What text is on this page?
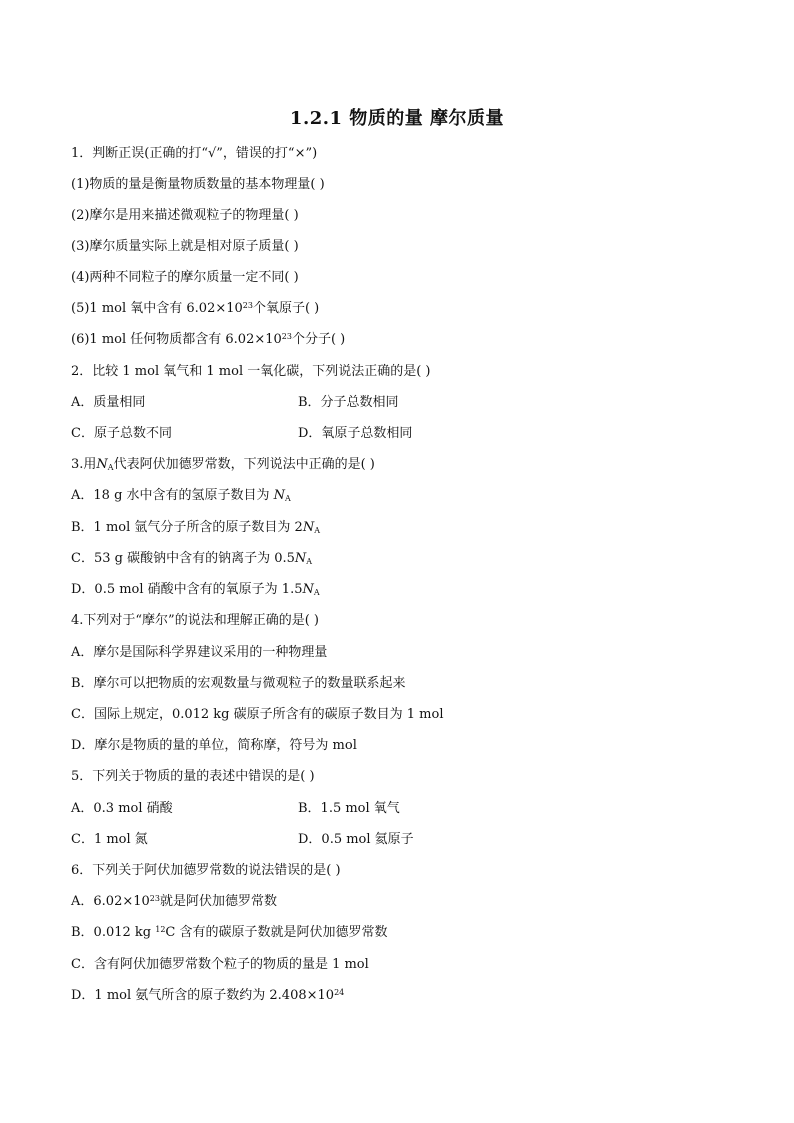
1.2.1 物质的量 摩尔质量
1．判断正误(正确的打“√”，错误的打“×”)
(1)物质的量是衡量物质数量的基本物理量( )
(2)摩尔是用来描述微观粒子的物理量( )
(3)摩尔质量实际上就是相对原子质量( )
(4)两种不同粒子的摩尔质量一定不同( )
(5)1 mol 氧中含有 $6.02\times 10^{23}$个氧原子( )
(6)1 mol 任何物质都含有 $6.02\times 10^{23}$个分子( )
2．比较 1 mol 氧气和 1 mol 一氧化碳，下列说法正确的是( )
A．质量相同	B．分子总数相同
C．原子总数不同	D．氧原子总数相同
3.用$N_A$代表阿伏加德罗常数，下列说法中正确的是( )
A．18 g 水中含有的氢原子数目为 $N_A$
B．1 mol 氩气分子所含的原子数目为 $2N_A$
C．53 g 碳酸钠中含有的钠离子为 $0.5N_A$
D．0.5 mol 硝酸中含有的氧原子为 $1.5N_A$
4.下列对于“摩尔”的说法和理解正确的是( )
A．摩尔是国际科学界建议采用的一种物理量
B．摩尔可以把物质的宏观数量与微观粒子的数量联系起来
C．国际上规定，0.012 kg 碳原子所含有的碳原子数目为 1 mol
D．摩尔是物质的量的单位，简称摩，符号为 mol
5．下列关于物质的量的表述中错误的是( )
A．0.3 mol 硝酸	B．1.5 mol 氧气
C．1 mol 氮	D．0.5 mol 氦原子
6．下列关于阿伏加德罗常数的说法错误的是( )
A．$6.02\times 10^{23}$就是阿伏加德罗常数
B．0.012 kg $^{12}$C 含有的碳原子数就是阿伏加德罗常数
C．含有阿伏加德罗常数个粒子的物质的量是 1 mol
D．1 mol 氨气所含的原子数约为 $2.408\times 10^{24}$
